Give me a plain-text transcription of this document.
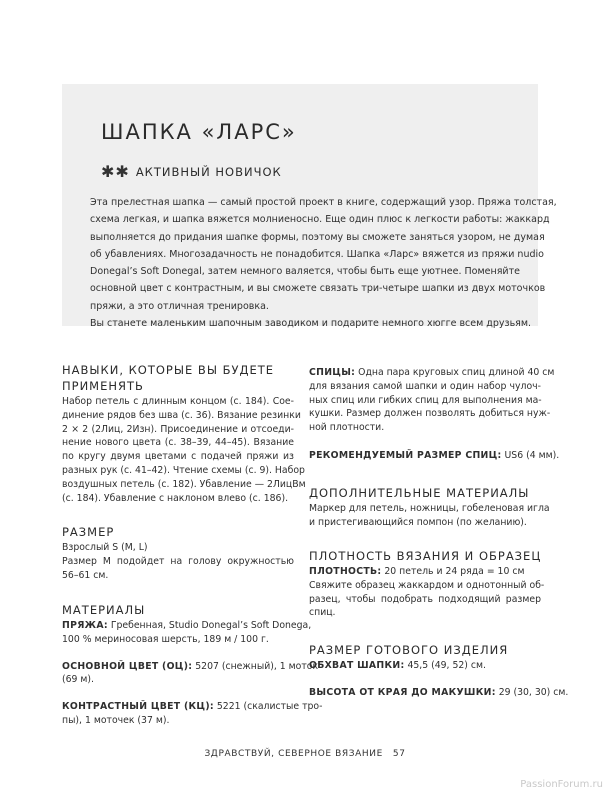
ШАПКА «ЛАРС»
✱ ✱ АКТИВНЫЙ НОВИЧОК
Эта прелестная шапка — самый простой проект в книге, содержащий узор. Пряжа толстая,
схема легкая, и шапка вяжется молниеносно. Еще один плюс к легкости работы: жаккард
выполняется до придания шапке формы, поэтому вы сможете заняться узором, не думая
об убавлениях. Многозадачность не понадобится. Шапка «Ларс» вяжется из пряжи nudio
Donegal’s Soft Donegal, затем немного валяется, чтобы быть еще уютнее. Поменяйте
основной цвет с контрастным, и вы сможете связать три-четыре шапки из двух моточков
пряжи, а это отличная тренировка.
Вы станете маленьким шапочным заводиком и подарите немного хюгге всем друзьям.
НАВЫКИ, КОТОРЫЕ ВЫ БУДЕТЕ
ПРИМЕНЯТЬ
Набор петель с длинным концом (с. 184). Сое-
динение рядов без шва (с. 36). Вязание резинки
2 × 2 (2Лиц, 2Изн). Присоединение и отсоеди-
нение нового цвета (с. 38–39, 44–45). Вязание
по кругу двумя цветами с подачей пряжи из
разных рук (с. 41–42). Чтение схемы (с. 9). Набор
воздушных петель (с. 182). Убавление — 2ЛицВм
(с. 184). Убавление с наклоном влево (с. 186).
РАЗМЕР
Взрослый S (M, L)
Размер М подойдет на голову окружностью
56–61 см.
МАТЕРИАЛЫ
ПРЯЖА: Гребенная, Studio Donegal’s Soft Donega,
100 % мериносовая шерсть, 189 м / 100 г.
ОСНОВНОЙ ЦВЕТ (ОЦ): 5207 (снежный), 1 моток
(69 м).
КОНТРАСТНЫЙ ЦВЕТ (КЦ): 5221 (скалистые тро-
пы), 1 моточек (37 м).
СПИЦЫ: Одна пара круговых спиц длиной 40 см
для вязания самой шапки и один набор чулоч-
ных спиц или гибких спиц для выполнения ма-
кушки. Размер должен позволять добиться нуж-
ной плотности.
РЕКОМЕНДУЕМЫЙ РАЗМЕР СПИЦ: US6 (4 мм).
ДОПОЛНИТЕЛЬНЫЕ МАТЕРИАЛЫ
Маркер для петель, ножницы, гобеленовая игла
и пристегивающийся помпон (по желанию).
ПЛОТНОСТЬ ВЯЗАНИЯ И ОБРАЗЕЦ
ПЛОТНОСТЬ: 20 петель и 24 ряда = 10 см
Свяжите образец жаккардом и однотонный об-
разец, чтобы подобрать подходящий размер
спиц.
РАЗМЕР ГОТОВОГО ИЗДЕЛИЯ
ОБХВАТ ШАПКИ: 45,5 (49, 52) см.
ВЫСОТА ОТ КРАЯ ДО МАКУШКИ: 29 (30, 30) см.
ЗДРАВСТВУЙ, СЕВЕРНОЕ ВЯЗАНИЕ 57
PassionForum.ru
